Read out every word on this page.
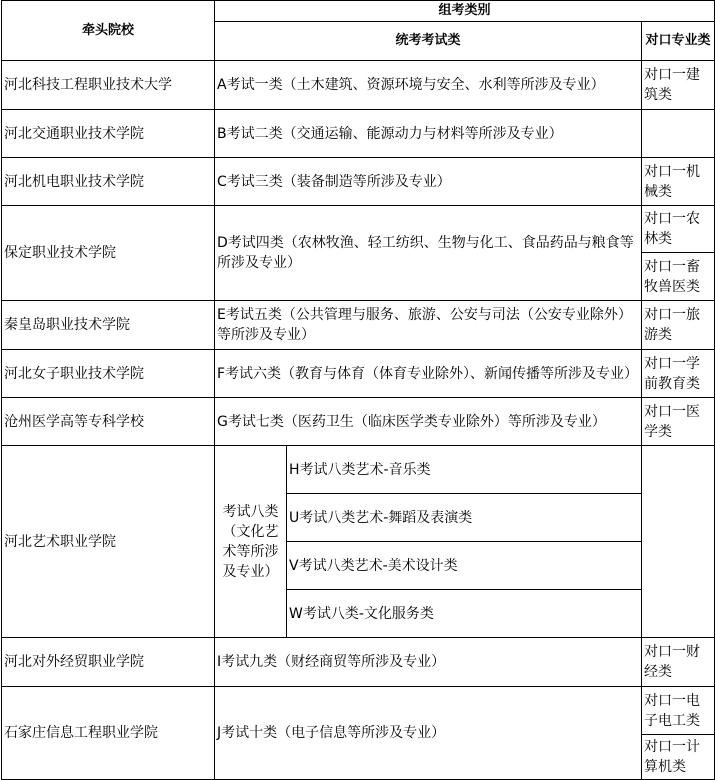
牵头院校	组考类别		
	统考考试类		对口专业类
河北科技工程职业技术大学	A考试一类（土木建筑、资源环境与安全、水利等所涉及专业）		对口一建筑类
河北交通职业技术学院	B考试二类（交通运输、能源动力与材料等所涉及专业）		
河北机电职业技术学院	C考试三类（装备制造等所涉及专业）		对口一机械类
保定职业技术学院	D考试四类（农林牧渔、轻工纺织、生物与化工、食品药品与粮食等所涉及专业）		对口一农林类
			对口一畜牧兽医类
秦皇岛职业技术学院	E考试五类（公共管理与服务、旅游、公安与司法（公安专业除外）等所涉及专业）		对口一旅游类
河北女子职业技术学院	F考试六类（教育与体育（体育专业除外）、新闻传播等所涉及专业）		对口一学前教育类
沧州医学高等专科学校	G考试七类（医药卫生（临床医学类专业除外）等所涉及专业）		对口一医学类
河北艺术职业学院	考试八类（文化艺术等所涉及专业）	H考试八类艺术-音乐类	
		U考试八类艺术-舞蹈及表演类	
		V考试八类艺术-美术设计类	
		W考试八类-文化服务类	
河北对外经贸职业学院	I考试九类（财经商贸等所涉及专业）		对口一财经类
石家庄信息工程职业学院	J考试十类（电子信息等所涉及专业）		对口一电子电工类
			对口一计算机类
